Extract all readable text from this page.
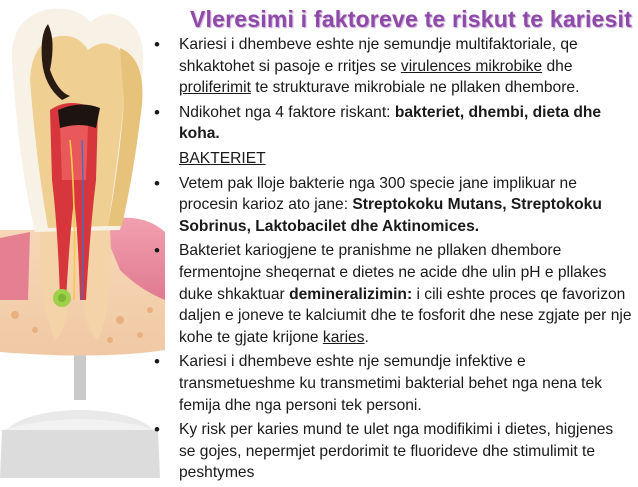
Vleresimi i faktoreve te riskut te kariesit
• Kariesi i dhembeve eshte nje semundje multifaktoriale, qe shkaktohet si pasoje e rritjes se virulences mikrobike dhe proliferimit te strukturave mikrobiale ne pllaken dhembore.
• Ndikohet nga 4 faktore riskant: bakteriet, dhembi, dieta dhe koha.
BAKTERIET
• Vetem pak lloje bakterie nga 300 specie jane implikuar ne procesin karioz ato jane: Streptokoku Mutans, Streptokoku Sobrinus, Laktobacilet dhe Aktinomices.
• Bakteriet kariogjene te pranishme ne pllaken dhembore fermentojne sheqernat e dietes ne acide dhe ulin pH e pllakes duke shkaktuar demineralizimin: i cili eshte proces qe favorizon daljen e joneve te kalciumit dhe te fosforit dhe nese zgjate per nje kohe te gjate krijone karies.
• Kariesi i dhembeve eshte nje semundje infektive e transmetueshme ku transmetimi bakterial behet nga nena tek femija dhe nga personi tek personi.
• Ky risk per karies mund te ulet nga modifikimi i dietes, higjenes se gojes, nepermjet perdorimit te fluorideve dhe stimulimit te peshtymes
